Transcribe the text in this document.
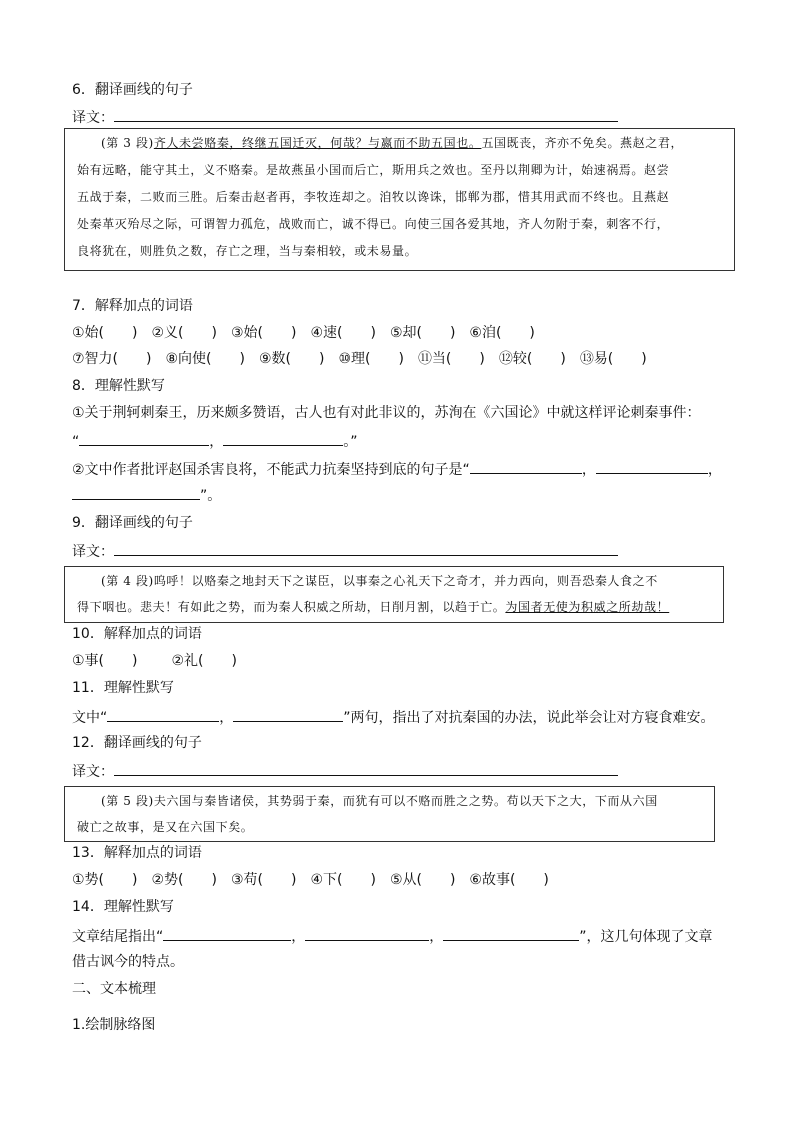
6．翻译画线的句子
译文：
(第 3 段)齐人未尝赂秦，终继五国迁灭，何哉？与嬴而不助五国也。五国既丧，齐亦不免矣。燕赵之君，
始有远略，能守其土，义不赂秦。是故燕虽小国而后亡，斯用兵之效也。至丹以荆卿为计，始速祸焉。赵尝
五战于秦，二败而三胜。后秦击赵者再，李牧连却之。洎牧以谗诛，邯郸为郡，惜其用武而不终也。且燕赵
处秦革灭殆尽之际，可谓智力孤危，战败而亡，诚不得已。向使三国各爱其地，齐人勿附于秦，刺客不行，
良将犹在，则胜负之数，存亡之理，当与秦相较，或未易量。
7．解释加点的词语
①始(　　) ②义(　　) ③始(　　) ④速(　　) ⑤却(　　) ⑥洎(　　)
⑦智力(　　) ⑧向使(　　) ⑨数(　　) ⑩理(　　) ⑪当(　　) ⑫较(　　) ⑬易(　　)
8．理解性默写
①关于荆轲刺秦王，历来颇多赞语，古人也有对此非议的，苏洵在《六国论》中就这样评论刺秦事件：
“	，	。”
②文中作者批评赵国杀害良将，不能武力抗秦坚持到底的句子是“	，	，
”。
9．翻译画线的句子
译文：
(第 4 段)呜呼！以赂秦之地封天下之谋臣，以事秦之心礼天下之奇才，并力西向，则吾恐秦人食之不
得下咽也。悲夫！有如此之势，而为秦人积威之所劫，日削月割，以趋于亡。为国者无使为积威之所劫哉！
10．解释加点的词语
①事(　　) ②礼(　　)
11．理解性默写
文中“	，	”两句，指出了对抗秦国的办法，说此举会让对方寝食难安。
12．翻译画线的句子
译文：
(第 5 段)夫六国与秦皆诸侯，其势弱于秦，而犹有可以不赂而胜之之势。苟以天下之大，下而从六国
破亡之故事，是又在六国下矣。
13．解释加点的词语
①势(　　) ②势(　　) ③苟(　　) ④下(　　) ⑤从(　　) ⑥故事(　　)
14．理解性默写
文章结尾指出“	，	，	”，这几句体现了文章
借古讽今的特点。
二、文本梳理
1.绘制脉络图
